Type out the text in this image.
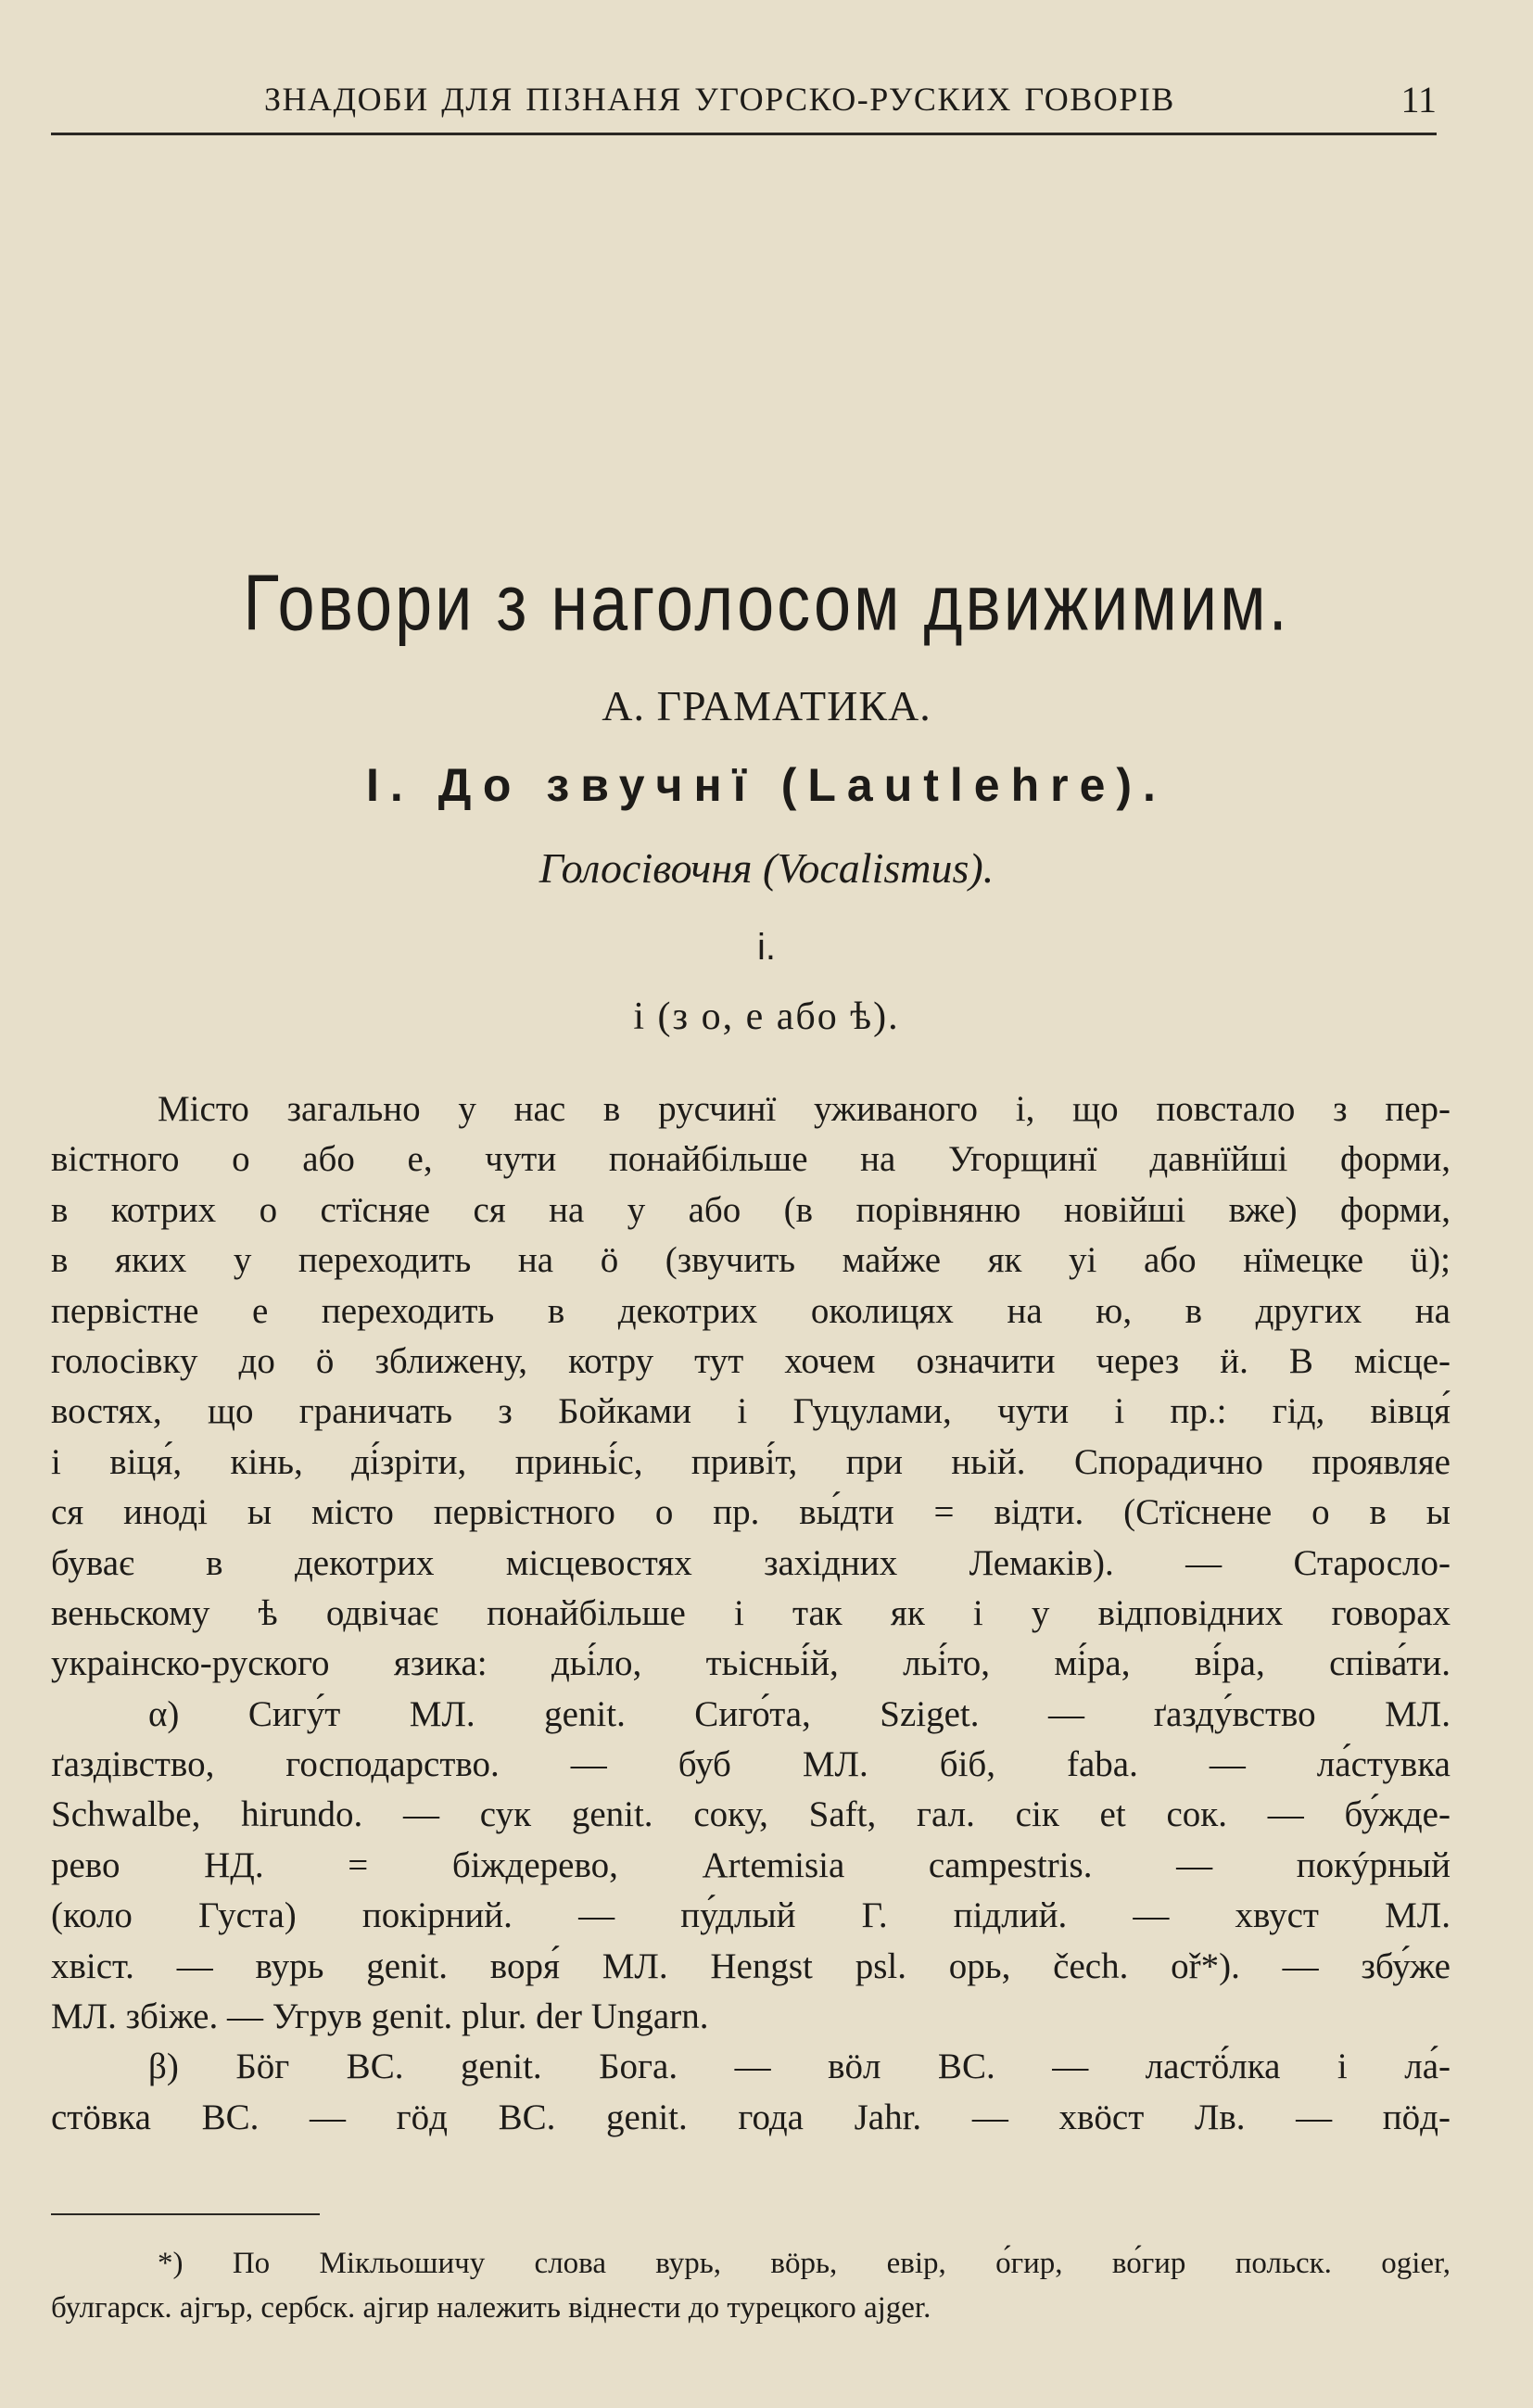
ЗНАДОБИ ДЛЯ ПІЗНАНЯ УГОРСКО-РУСКИХ ГОВОРІВ	11
Говори з наголосом движимим.
А. ГРАМАТИКА.
I. До звучнї (Lautlehre).
Голосівочня (Vocalismus).
i.
і (з о, е або ѣ).
Місто загально у нас в русчинї уживаного і, що повстало з пер-
вістного о або е, чути понайбільше на Угорщинї давнїйші форми,
в котрих о стїсняе ся на у або (в порівняню новійші вже) форми,
в яких у переходить на ӧ (звучить майже як уі або нїмецке ü);
первістне е переходить в декотрих околицях на ю, в других на
голосівку до ӧ зближену, котру тут хочем означити через ӥ. В місце-
востях, що граничать з Бойками і Гуцулами, чути і пр.: гід, вівця́
і віця́, кінь, ді́зріти, приньі́с, приві́т, при ньій. Спорадично проявляе
ся иноді ы місто первістного о пр. вы́дти = відти. (Стїснене о в ы
буває в декотрих місцевостях західних Лемаків). — Старосло-
веньскому ѣ одвічає понайбільше і так як і у відповідних говорах
украінско-руского язика: дьі́ло, тьісньі́й, льі́то, мі́ра, ві́ра, співа́ти.
α) Сигу́т МЛ. genit. Сиго́та, Sziget. — ґазду́вство МЛ.
ґаздівство, господарство. — буб МЛ. біб, faba. — ла́стувка
Schwalbe, hirundo. — сук genit. соку, Saft, гал. сік et сок. — бу́ждe-
рево НД. = біждерево, Artemisia campestris. — покýрный
(коло Густа) покірний. — пу́длый Г. підлий. — хвуст МЛ.
хвіст. — вурь genit. воря́ МЛ. Hengst psl. орь, čech. oř*). — збу́же
МЛ. збіже. — Угрув genit. plur. der Ungarn.
β) Бӧг ВС. genit. Бога. — вӧл ВС. — ластӧ́лка і ла́-
стӧвка ВС. — гӧд ВС. genit. года Jahr. — хвӧст Лв. — пӧд-
*) По Мікльошичу слова вурь, вӧрь, евір, о́гир, во́гир польск. ogier,
булгарск. аjгър, сербск. аjгир належить віднести до турецкого ajger.
